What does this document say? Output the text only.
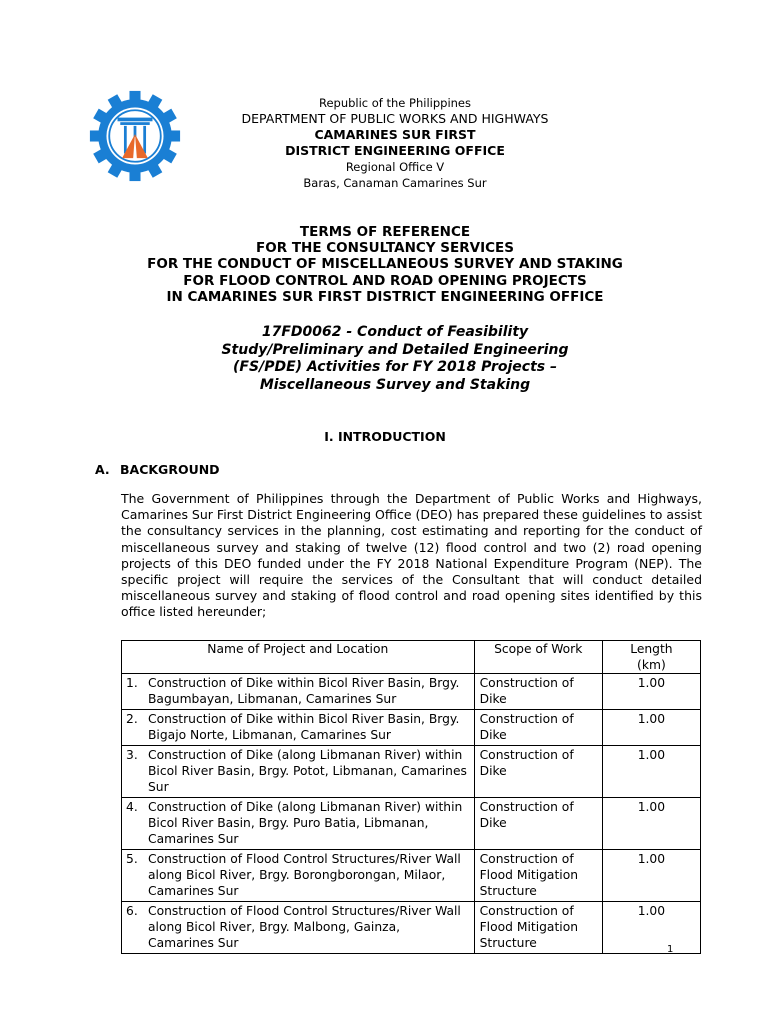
Republic of the Philippines
DEPARTMENT OF PUBLIC WORKS AND HIGHWAYS
CAMARINES SUR FIRST
DISTRICT ENGINEERING OFFICE
Regional Office V
Baras, Canaman Camarines Sur
TERMS OF REFERENCE
FOR THE CONSULTANCY SERVICES
FOR THE CONDUCT OF MISCELLANEOUS SURVEY AND STAKING
FOR FLOOD CONTROL AND ROAD OPENING PROJECTS
IN CAMARINES SUR FIRST DISTRICT ENGINEERING OFFICE
17FD0062 - Conduct of Feasibility
Study/Preliminary and Detailed Engineering
(FS/PDE) Activities for FY 2018 Projects –
Miscellaneous Survey and Staking
I. INTRODUCTION
A. BACKGROUND
The Government of Philippines through the Department of Public Works and Highways, Camarines Sur First District Engineering Office (DEO) has prepared these guidelines to assist the consultancy services in the planning, cost estimating and reporting for the conduct of miscellaneous survey and staking of twelve (12) flood control and two (2) road opening projects of this DEO funded under the FY 2018 National Expenditure Program (NEP). The specific project will require the services of the Consultant that will conduct detailed miscellaneous survey and staking of flood control and road opening sites identified by this office listed hereunder;
Name of Project and Location	Scope of Work	Length
(km)

1. Construction of Dike within Bicol River Basin, Brgy. Bagumbayan, Libmanan, Camarines Sur	Construction of Dike	1.00

2. Construction of Dike within Bicol River Basin, Brgy. Bigajo Norte, Libmanan, Camarines Sur	Construction of Dike	1.00

3. Construction of Dike (along Libmanan River) within Bicol River Basin, Brgy. Potot, Libmanan, Camarines Sur	Construction of Dike	1.00

4. Construction of Dike (along Libmanan River) within Bicol River Basin, Brgy. Puro Batia, Libmanan, Camarines Sur	Construction of Dike	1.00

5. Construction of Flood Control Structures/River Wall along Bicol River, Brgy. Borongborongan, Milaor, Camarines Sur	Construction of Flood Mitigation Structure	1.00

6. Construction of Flood Control Structures/River Wall along Bicol River, Brgy. Malbong, Gainza, Camarines Sur	Construction of Flood Mitigation Structure	1.00
1
